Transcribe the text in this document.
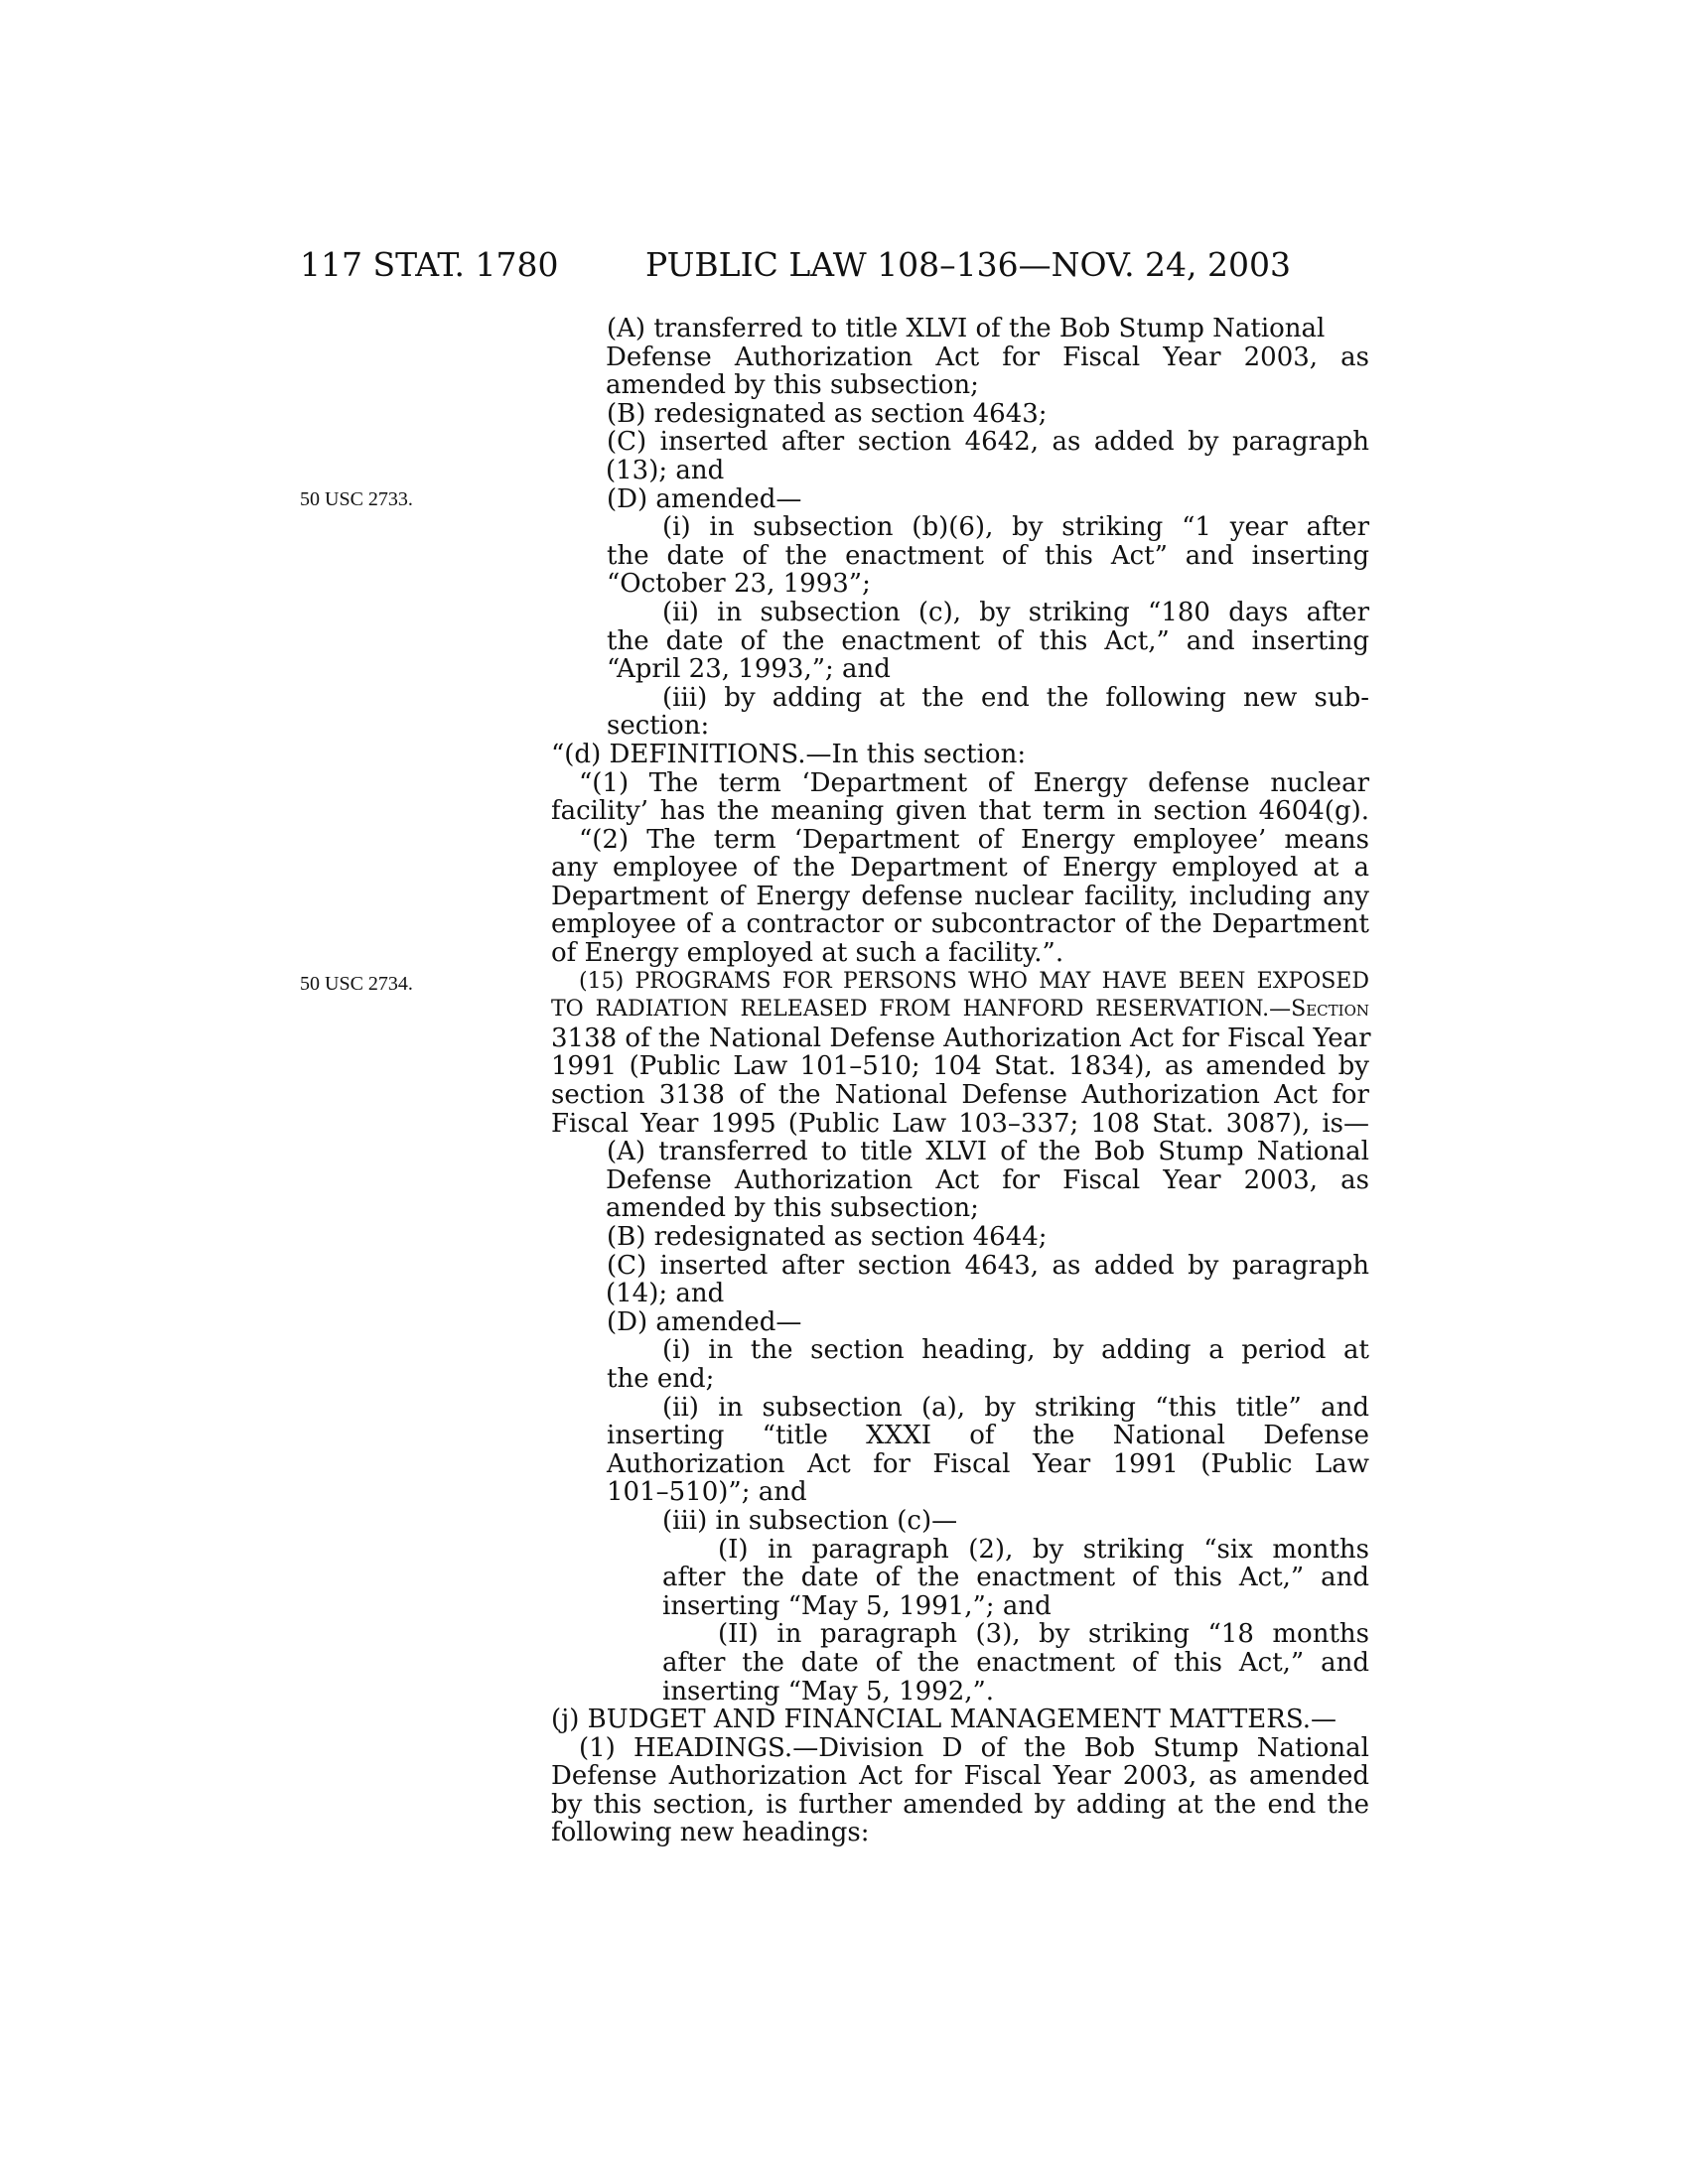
117 STAT. 1780	PUBLIC LAW 108–136—NOV. 24, 2003
50 USC 2733.
50 USC 2734.
(A) transferred to title XLVI of the Bob Stump National
Defense Authorization Act for Fiscal Year 2003, as
amended by this subsection;
(B) redesignated as section 4643;
(C) inserted after section 4642, as added by paragraph
(13); and
(D) amended—
(i) in subsection (b)(6), by striking “1 year after
the date of the enactment of this Act” and inserting
“October 23, 1993”;
(ii) in subsection (c), by striking “180 days after
the date of the enactment of this Act,” and inserting
“April 23, 1993,”; and
(iii) by adding at the end the following new sub-
section:
“(d) DEFINITIONS.—In this section:
“(1) The term ‘Department of Energy defense nuclear
facility’ has the meaning given that term in section 4604(g).
“(2) The term ‘Department of Energy employee’ means
any employee of the Department of Energy employed at a
Department of Energy defense nuclear facility, including any
employee of a contractor or subcontractor of the Department
of Energy employed at such a facility.”.
(15) PROGRAMS FOR PERSONS WHO MAY HAVE BEEN EXPOSED
TO RADIATION RELEASED FROM HANFORD RESERVATION.—Section
3138 of the National Defense Authorization Act for Fiscal Year
1991 (Public Law 101–510; 104 Stat. 1834), as amended by
section 3138 of the National Defense Authorization Act for
Fiscal Year 1995 (Public Law 103–337; 108 Stat. 3087), is—
(A) transferred to title XLVI of the Bob Stump National
Defense Authorization Act for Fiscal Year 2003, as
amended by this subsection;
(B) redesignated as section 4644;
(C) inserted after section 4643, as added by paragraph
(14); and
(D) amended—
(i) in the section heading, by adding a period at
the end;
(ii) in subsection (a), by striking “this title” and
inserting “title XXXI of the National Defense
Authorization Act for Fiscal Year 1991 (Public Law
101–510)”; and
(iii) in subsection (c)—
(I) in paragraph (2), by striking “six months
after the date of the enactment of this Act,” and
inserting “May 5, 1991,”; and
(II) in paragraph (3), by striking “18 months
after the date of the enactment of this Act,” and
inserting “May 5, 1992,”.
(j) BUDGET AND FINANCIAL MANAGEMENT MATTERS.—
(1) HEADINGS.—Division D of the Bob Stump National
Defense Authorization Act for Fiscal Year 2003, as amended
by this section, is further amended by adding at the end the
following new headings:
